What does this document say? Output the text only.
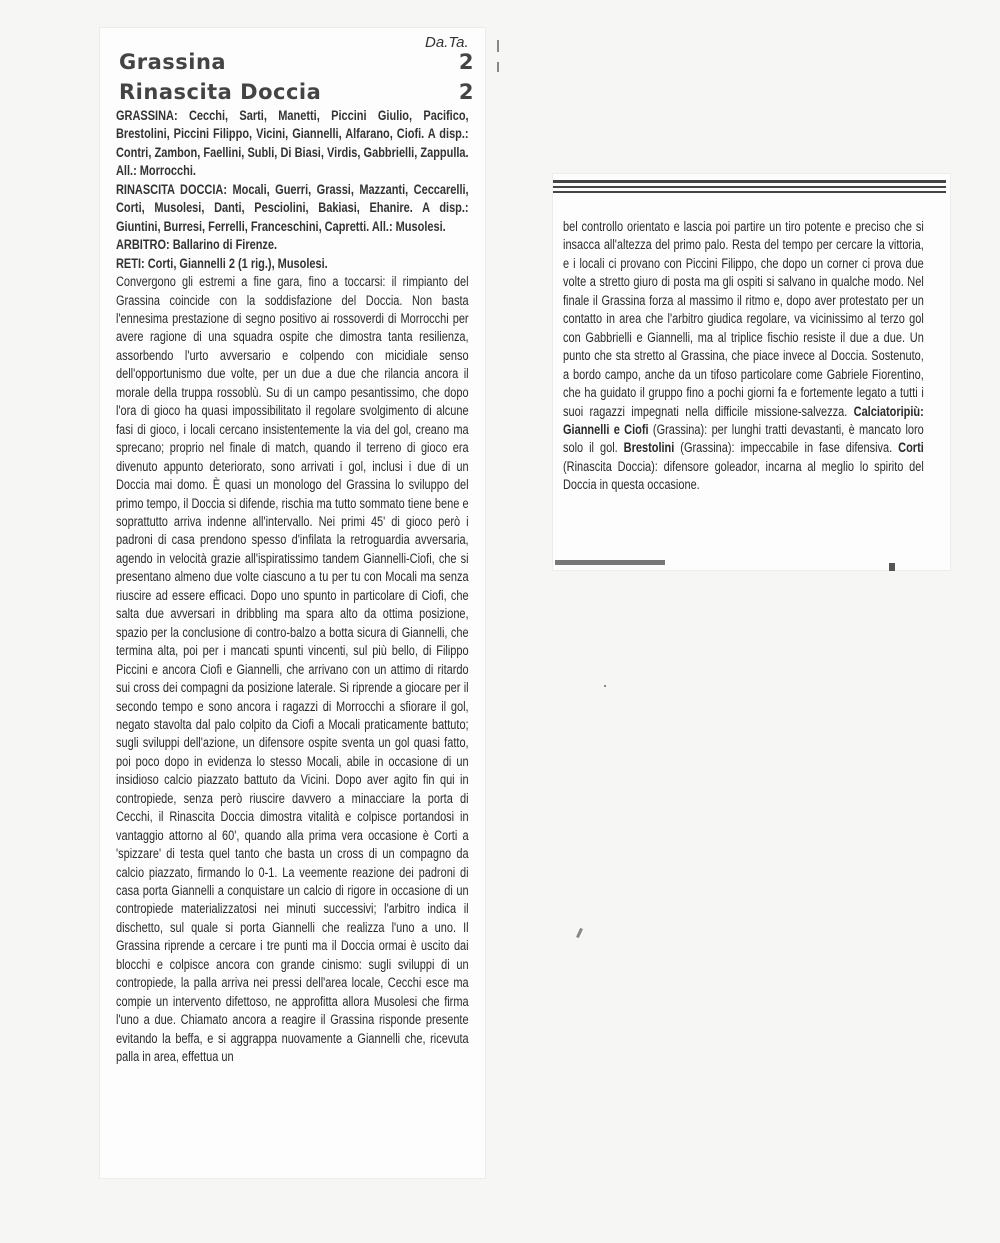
Da.Ta.
Grassina	2
Rinascita Doccia	2

GRASSINA: Cecchi, Sarti, Manetti, Piccini Giulio, Pacifico, Brestolini, Piccini Filippo, Vicini, Giannelli, Alfarano, Ciofi. A disp.: Contri, Zambon, Faellini, Subli, Di Biasi, Virdis, Gabbrielli, Zappulla. All.: Morrocchi.

RINASCITA DOCCIA: Mocali, Guerri, Grassi, Mazzanti, Ceccarelli, Corti, Musolesi, Danti, Pesciolini, Bakiasi, Ehanire. A disp.: Giuntini, Burresi, Ferrelli, Franceschini, Capretti. All.: Musolesi.

ARBITRO: Ballarino di Firenze.

RETI: Corti, Giannelli 2 (1 rig.), Musolesi.

Convergono gli estremi a fine gara, fino a toccarsi: il rimpianto del Grassina coincide con la soddisfazione del Doccia. Non basta l'ennesima prestazione di segno positivo ai rossoverdi di Morrocchi per avere ragione di una squadra ospite che dimostra tanta resilienza, assorbendo l'urto avversario e colpendo con micidiale senso dell'opportunismo due volte, per un due a due che rilancia ancora il morale della truppa rossoblù. Su di un campo pesantissimo, che dopo l'ora di gioco ha quasi impossibilitato il regolare svolgimento di alcune fasi di gioco, i locali cercano insistentemente la via del gol, creano ma sprecano; proprio nel finale di match, quando il terreno di gioco era divenuto appunto deteriorato, sono arrivati i gol, inclusi i due di un Doccia mai domo. È quasi un monologo del Grassina lo sviluppo del primo tempo, il Doccia si difende, rischia ma tutto sommato tiene bene e soprattutto arriva indenne all'intervallo. Nei primi 45' di gioco però i padroni di casa prendono spesso d'infilata la retroguardia avversaria, agendo in velocità grazie all'ispiratissimo tandem Giannelli-Ciofi, che si presentano almeno due volte ciascuno a tu per tu con Mocali ma senza riuscire ad essere efficaci. Dopo uno spunto in particolare di Ciofi, che salta due avversari in dribbling ma spara alto da ottima posizione, spazio per la conclusione di contro-balzo a botta sicura di Giannelli, che termina alta, poi per i mancati spunti vincenti, sul più bello, di Filippo Piccini e ancora Ciofi e Giannelli, che arrivano con un attimo di ritardo sui cross dei compagni da posizione laterale. Si riprende a giocare per il secondo tempo e sono ancora i ragazzi di Morrocchi a sfiorare il gol, negato stavolta dal palo colpito da Ciofi a Mocali praticamente battuto; sugli sviluppi dell'azione, un difensore ospite sventa un gol quasi fatto, poi poco dopo in evidenza lo stesso Mocali, abile in occasione di un insidioso calcio piazzato battuto da Vicini. Dopo aver agito fin qui in contropiede, senza però riuscire davvero a minacciare la porta di Cecchi, il Rinascita Doccia dimostra vitalità e colpisce portandosi in vantaggio attorno al 60', quando alla prima vera occasione è Corti a 'spizzare' di testa quel tanto che basta un cross di un compagno da calcio piazzato, firmando lo 0-1. La veemente reazione dei padroni di casa porta Giannelli a conquistare un calcio di rigore in occasione di un contropiede materializzatosi nei minuti successivi; l'arbitro indica il dischetto, sul quale si porta Giannelli che realizza l'uno a uno. Il Grassina riprende a cercare i tre punti ma il Doccia ormai è uscito dai blocchi e colpisce ancora con grande cinismo: sugli sviluppi di un contropiede, la palla arriva nei pressi dell'area locale, Cecchi esce ma compie un intervento difettoso, ne approfitta allora Musolesi che firma l'uno a due. Chiamato ancora a reagire il Grassina risponde presente evitando la beffa, e si aggrappa nuovamente a Giannelli che, ricevuta palla in area, effettua un

bel controllo orientato e lascia poi partire un tiro potente e preciso che si insacca all'altezza del primo palo. Resta del tempo per cercare la vittoria, e i locali ci provano con Piccini Filippo, che dopo un corner ci prova due volte a stretto giuro di posta ma gli ospiti si salvano in qualche modo. Nel finale il Grassina forza al massimo il ritmo e, dopo aver protestato per un contatto in area che l'arbitro giudica regolare, va vicinissimo al terzo gol con Gabbrielli e Giannelli, ma al triplice fischio resiste il due a due. Un punto che sta stretto al Grassina, che piace invece al Doccia. Sostenuto, a bordo campo, anche da un tifoso particolare come Gabriele Fiorentino, che ha guidato il gruppo fino a pochi giorni fa e fortemente legato a tutti i suoi ragazzi impegnati nella difficile missione-salvezza. Calciatoripiù: Giannelli e Ciofi (Grassina): per lunghi tratti devastanti, è mancato loro solo il gol. Brestolini (Grassina): impeccabile in fase difensiva. Corti (Rinascita Doccia): difensore goleador, incarna al meglio lo spirito del Doccia in questa occasione.
